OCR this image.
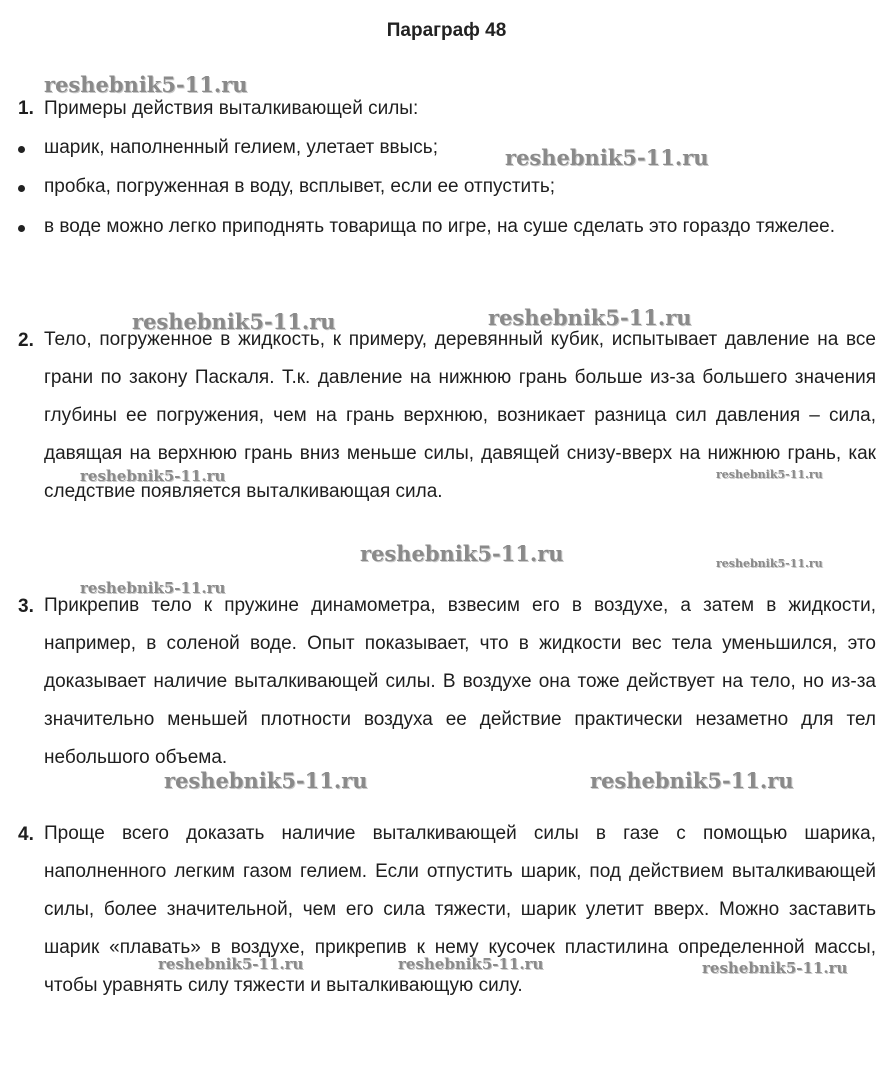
Параграф 48
1. Примеры действия выталкивающей силы:
шарик, наполненный гелием, улетает ввысь;
пробка, погруженная в воду, всплывет, если ее отпустить;
в воде можно легко приподнять товарища по игре, на суше сделать это гораздо тяжелее.
2. Тело, погруженное в жидкость, к примеру, деревянный кубик, испытывает давление на все грани по закону Паскаля. Т.к. давление на нижнюю грань больше из-за большего значения глубины ее погружения, чем на грань верхнюю, возникает разница сил давления – сила, давящая на верхнюю грань вниз меньше силы, давящей снизу-вверх на нижнюю грань, как следствие появляется выталкивающая сила.
3. Прикрепив тело к пружине динамометра, взвесим его в воздухе, а затем в жидкости, например, в соленой воде. Опыт показывает, что в жидкости вес тела уменьшился, это доказывает наличие выталкивающей силы. В воздухе она тоже действует на тело, но из-за значительно меньшей плотности воздуха ее действие практически незаметно для тел небольшого объема.
4. Проще всего доказать наличие выталкивающей силы в газе с помощью шарика, наполненного легким газом гелием. Если отпустить шарик, под действием выталкивающей силы, более значительной, чем его сила тяжести, шарик улетит вверх. Можно заставить шарик «плавать» в воздухе, прикрепив к нему кусочек пластилина определенной массы, чтобы уравнять силу тяжести и выталкивающую силу.
reshebnik5-11.ru
reshebnik5-11.ru
reshebnik5-11.ru	reshebnik5-11.ru
reshebnik5-11.ru	reshebnik5-11.ru
reshebnik5-11.ru	reshebnik5-11.ru
reshebnik5-11.ru
reshebnik5-11.ru	reshebnik5-11.ru
reshebnik5-11.ru	reshebnik5-11.ru	reshebnik5-11.ru
